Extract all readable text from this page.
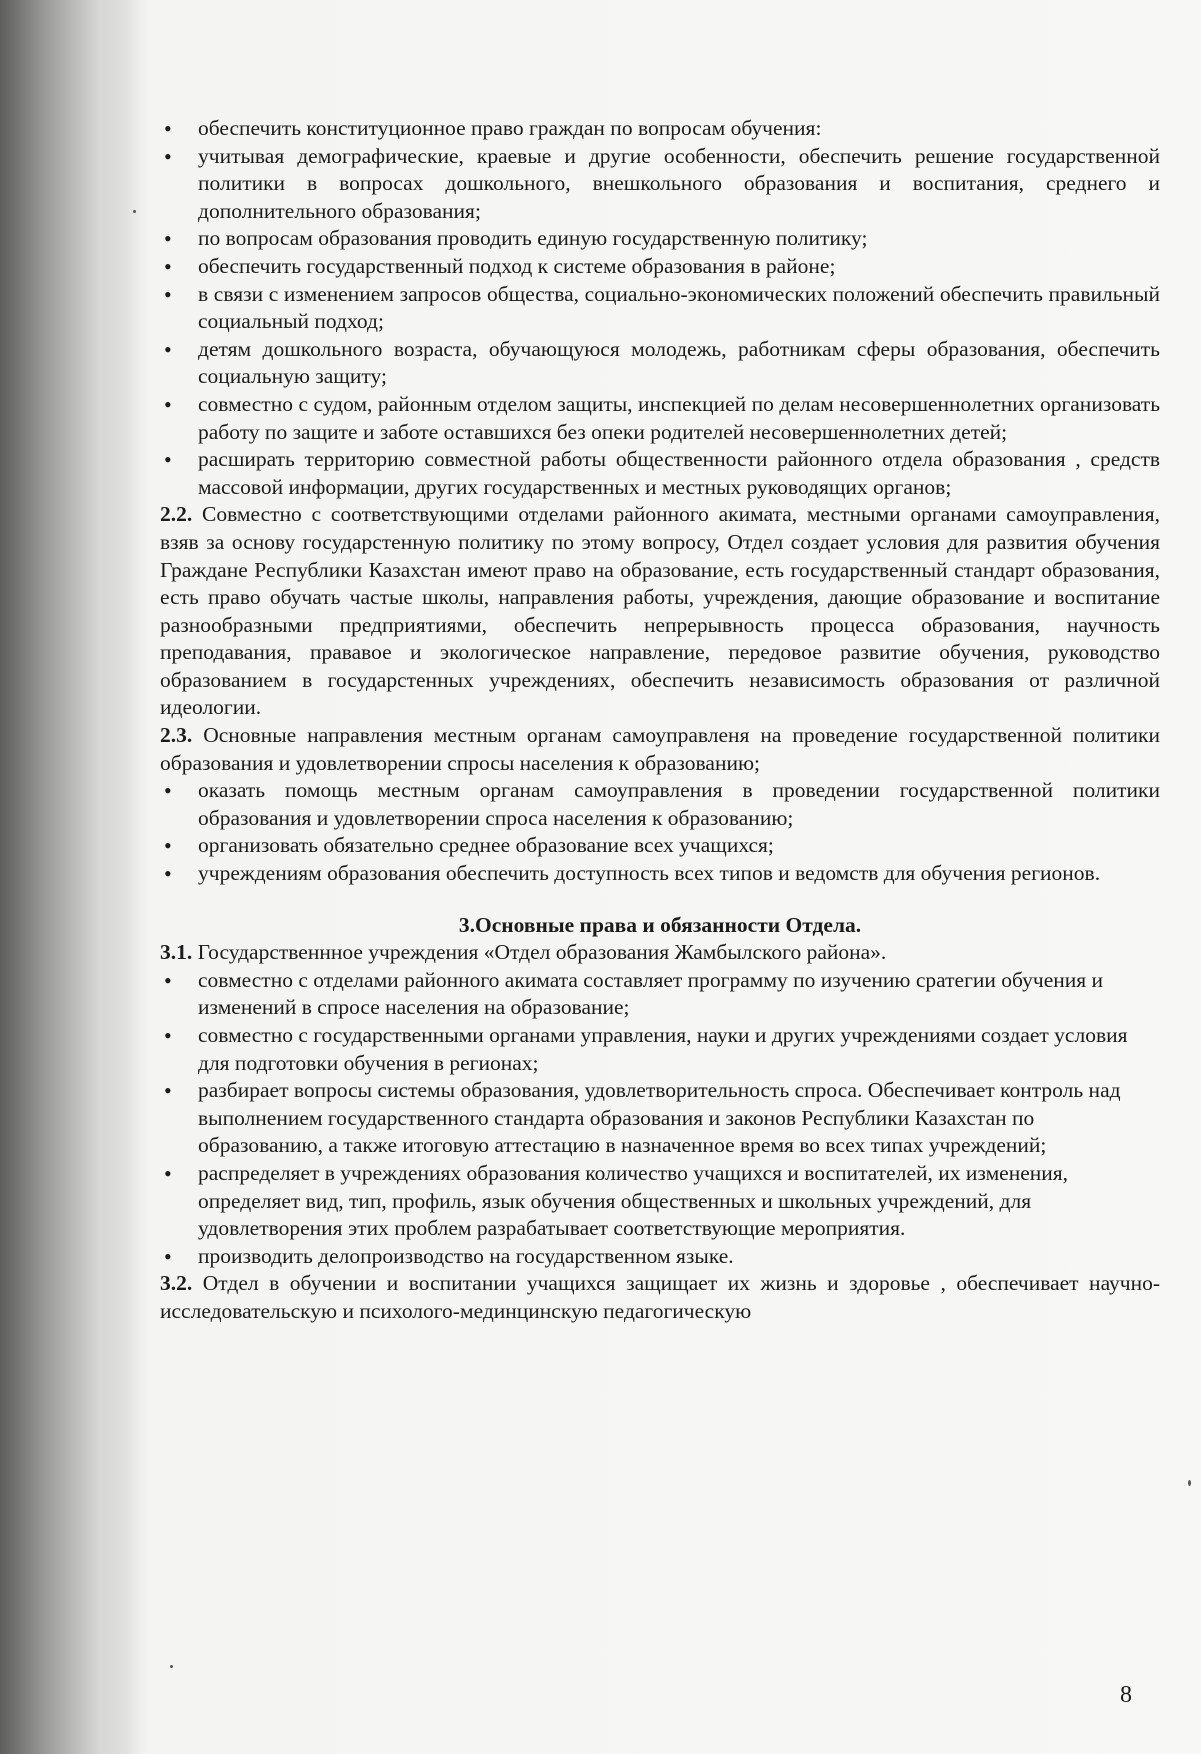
• обеспечить конституционное право граждан по вопросам обучения:
• учитывая демографические, краевые и другие особенности, обеспечить решение государственной политики в вопросах дошкольного, внешкольного образования и воспитания, среднего и дополнительного образования;
• по вопросам образования проводить единую государственную политику;
• обеспечить государственный подход к системе образования в районе;
• в связи с изменением запросов общества, социально-экономических положений обеспечить правильный социальный подход;
• детям дошкольного возраста, обучающуюся молодежь, работникам сферы образования, обеспечить социальную защиту;
• совместно с судом, районным отделом защиты, инспекцией по делам несовершеннолетних организовать работу по защите и заботе оставшихся без опеки родителей несовершеннолетних детей;
• расширать территорию совместной работы общественности районного отдела образования , средств массовой информации, других государственных и местных руководящих органов;

2.2. Совместно с соответствующими отделами районного акимата, местными органами самоуправления, взяв за основу государстенную политику по этому вопросу, Отдел создает условия для развития обучения Граждане Республики Казахстан имеют право на образование, есть государственный стандарт образования, есть право обучать частые школы, направления работы, учреждения, дающие образование и воспитание разнообразными предприятиями, обеспечить непрерывность процесса образования, научность преподавания, прававое и экологическое направление, передовое развитие обучения, руководство образованием в государстенных учреждениях, обеспечить независимость образования от различной идеологии.

2.3. Основные направления местным органам самоуправленя на проведение государственной политики образования и удовлетворении спросы населения к образованию;

• оказать помощь местным органам самоуправления в проведении государственной политики образования и удовлетворении спроса населения к образованию;
• организовать обязательно среднее образование всех учащихся;
• учреждениям образования обеспечить доступность всех типов и ведомств для обучения регионов.

3.Основные права и обязанности Отдела.

3.1. Государственнное учреждения «Отдел образования Жамбылского района».

• совместно с отделами районного акимата составляет программу по изучению сратегии обучения и изменений в спросе населения на образование;
• совместно с государственными органами управления, науки и других учреждениями создает условия для подготовки обучения в регионах;
• разбирает вопросы системы образования, удовлетворительность спроса. Обеспечивает контроль над выполнением государственного стандарта образования и законов Республики Казахстан по образованию, а также итоговую аттестацию в назначенное время во всех типах учреждений;
• распределяет в учреждениях образования количество учащихся и воспитателей, их изменения, определяет вид, тип, профиль, язык обучения общественных и школьных учреждений, для удовлетворения этих проблем разрабатывает соответствующие мероприятия.
• производить делопроизводство на государственном языке.

3.2. Отдел в обучении и воспитании учащихся защищает их жизнь и здоровье , обеспечивает научно-исследовательскую и психолого-мединцинскую педагогическую

8
